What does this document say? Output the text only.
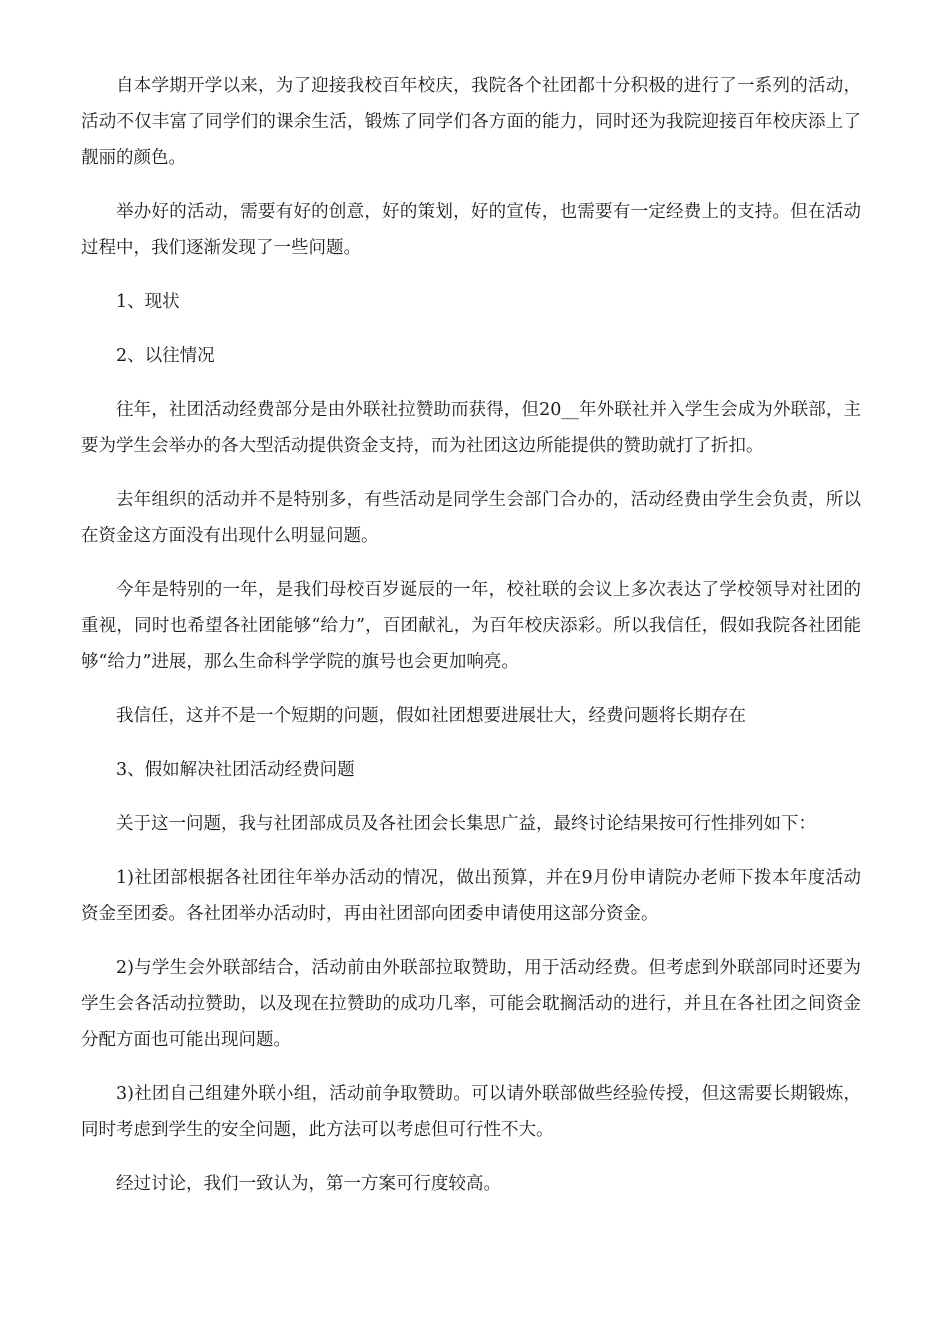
自本学期开学以来，为了迎接我校百年校庆，我院各个社团都十分积极的进行了一系列的活动，活动不仅丰富了同学们的课余生活，锻炼了同学们各方面的能力，同时还为我院迎接百年校庆添上了靓丽的颜色。

举办好的活动，需要有好的创意，好的策划，好的宣传，也需要有一定经费上的支持。但在活动过程中，我们逐渐发现了一些问题。

1、现状

2、以往情况

往年，社团活动经费部分是由外联社拉赞助而获得，但20__年外联社并入学生会成为外联部，主要为学生会举办的各大型活动提供资金支持，而为社团这边所能提供的赞助就打了折扣。

去年组织的活动并不是特别多，有些活动是同学生会部门合办的，活动经费由学生会负责，所以在资金这方面没有出现什么明显问题。

今年是特别的一年，是我们母校百岁诞辰的一年，校社联的会议上多次表达了学校领导对社团的重视，同时也希望各社团能够“给力”，百团献礼，为百年校庆添彩。所以我信任，假如我院各社团能够“给力”进展，那么生命科学学院的旗号也会更加响亮。

我信任，这并不是一个短期的问题，假如社团想要进展壮大，经费问题将长期存在

3、假如解决社团活动经费问题

关于这一问题，我与社团部成员及各社团会长集思广益，最终讨论结果按可行性排列如下：

1)社团部根据各社团往年举办活动的情况，做出预算，并在9月份申请院办老师下拨本年度活动资金至团委。各社团举办活动时，再由社团部向团委申请使用这部分资金。

2)与学生会外联部结合，活动前由外联部拉取赞助，用于活动经费。但考虑到外联部同时还要为学生会各活动拉赞助，以及现在拉赞助的成功几率，可能会耽搁活动的进行，并且在各社团之间资金分配方面也可能出现问题。

3)社团自己组建外联小组，活动前争取赞助。可以请外联部做些经验传授，但这需要长期锻炼，同时考虑到学生的安全问题，此方法可以考虑但可行性不大。

经过讨论，我们一致认为，第一方案可行度较高。
